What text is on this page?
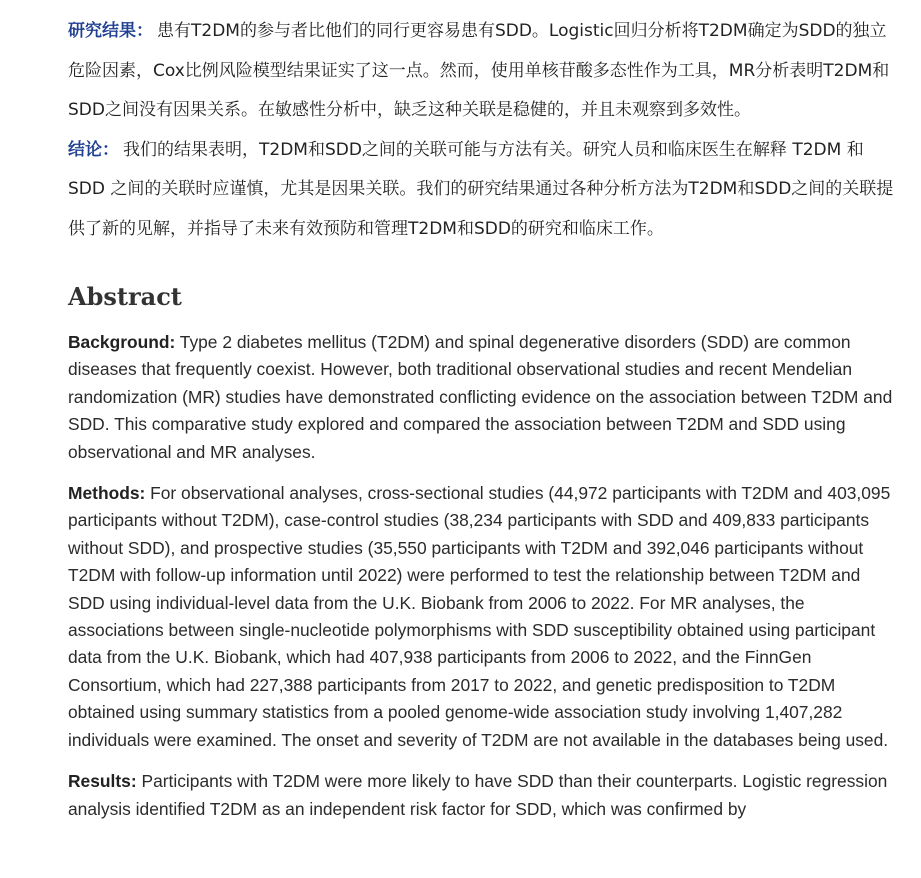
研究结果： 患有T2DM的参与者比他们的同行更容易患有SDD。Logistic回归分析将T2DM确定为SDD的独立危险因素，Cox比例风险模型结果证实了这一点。然而，使用单核苷酸多态性作为工具，MR分析表明T2DM和SDD之间没有因果关系。在敏感性分析中，缺乏这种关联是稳健的，并且未观察到多效性。

结论： 我们的结果表明，T2DM和SDD之间的关联可能与方法有关。研究人员和临床医生在解释 T2DM 和 SDD 之间的关联时应谨慎，尤其是因果关联。我们的研究结果通过各种分析方法为T2DM和SDD之间的关联提供了新的见解，并指导了未来有效预防和管理T2DM和SDD的研究和临床工作。

Abstract

Background: Type 2 diabetes mellitus (T2DM) and spinal degenerative disorders (SDD) are common diseases that frequently coexist. However, both traditional observational studies and recent Mendelian randomization (MR) studies have demonstrated conflicting evidence on the association between T2DM and SDD. This comparative study explored and compared the association between T2DM and SDD using observational and MR analyses.

Methods: For observational analyses, cross-sectional studies (44,972 participants with T2DM and 403,095 participants without T2DM), case-control studies (38,234 participants with SDD and 409,833 participants without SDD), and prospective studies (35,550 participants with T2DM and 392,046 participants without T2DM with follow-up information until 2022) were performed to test the relationship between T2DM and SDD using individual-level data from the U.K. Biobank from 2006 to 2022. For MR analyses, the associations between single-nucleotide polymorphisms with SDD susceptibility obtained using participant data from the U.K. Biobank, which had 407,938 participants from 2006 to 2022, and the FinnGen Consortium, which had 227,388 participants from 2017 to 2022, and genetic predisposition to T2DM obtained using summary statistics from a pooled genome-wide association study involving 1,407,282 individuals were examined. The onset and severity of T2DM are not available in the databases being used.

Results: Participants with T2DM were more likely to have SDD than their counterparts. Logistic regression analysis identified T2DM as an independent risk factor for SDD, which was confirmed by
